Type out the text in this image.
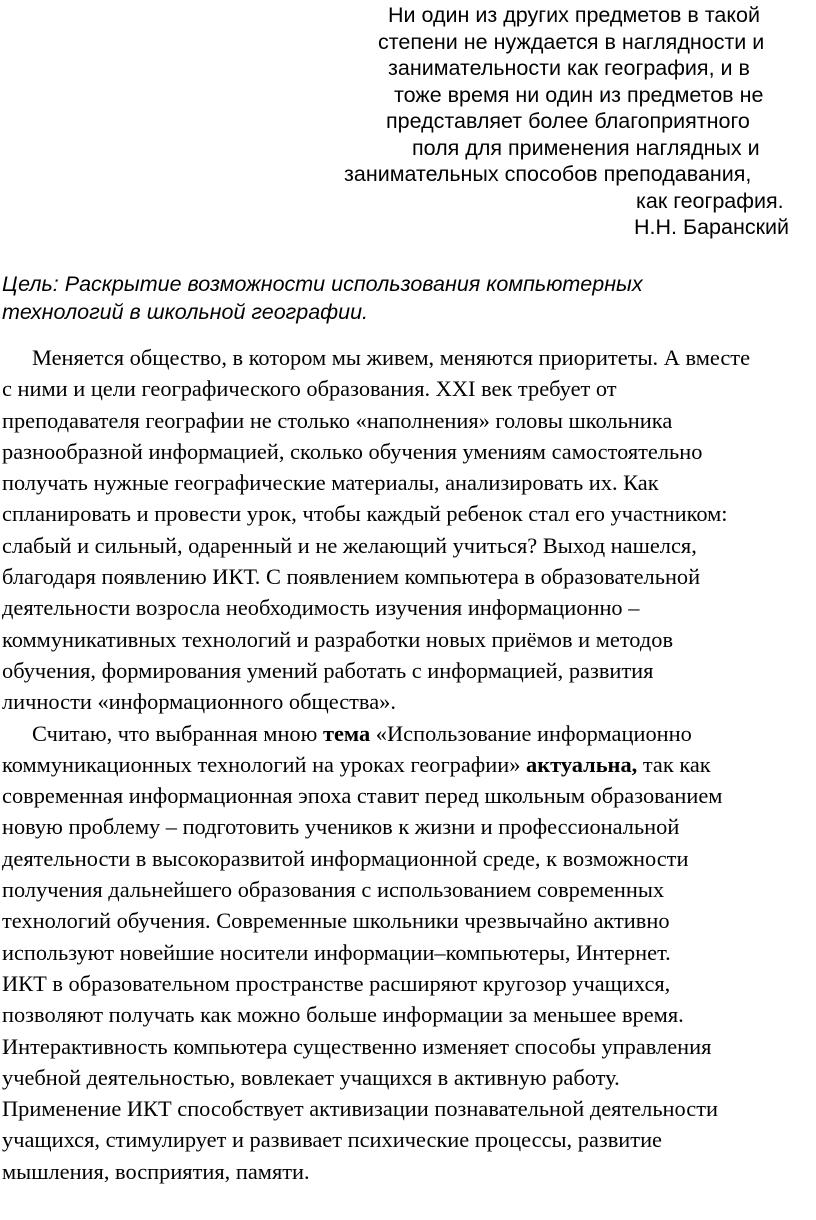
Ни один из других предметов в такой
степени не нуждается в наглядности и
занимательности как география, и в
тоже время ни один из предметов не
представляет более благоприятного
поля для применения наглядных и
занимательных способов преподавания,
как география.
Н.Н. Баранский
Цель: Раскрытие возможности использования компьютерных
технологий в школьной географии.
Меняется общество, в котором мы живем, меняются приоритеты. А вместе
с ними и цели географического образования. XXI век требует от
преподавателя географии не столько «наполнения» головы школьника
разнообразной информацией, сколько обучения умениям самостоятельно
получать нужные географические материалы, анализировать их. Как
спланировать и провести урок, чтобы каждый ребенок стал его участником:
слабый и сильный, одаренный и не желающий учиться? Выход нашелся,
благодаря появлению ИКТ. С появлением компьютера в образовательной
деятельности возросла необходимость изучения информационно –
коммуникативных технологий и разработки новых приёмов и методов
обучения, формирования умений работать с информацией, развития
личности «информационного общества».
Считаю, что выбранная мною тема «Использование информационно
коммуникационных технологий на уроках географии» актуальна, так как
современная информационная эпоха ставит перед школьным образованием
новую проблему – подготовить учеников к жизни и профессиональной
деятельности в высокоразвитой информационной среде, к возможности
получения дальнейшего образования с использованием современных
технологий обучения. Современные школьники чрезвычайно активно
используют новейшие носители информации–компьютеры, Интернет.
ИКТ в образовательном пространстве расширяют кругозор учащихся,
позволяют получать как можно больше информации за меньшее время.
Интерактивность компьютера существенно изменяет способы управления
учебной деятельностью, вовлекает учащихся в активную работу.
Применение ИКТ способствует активизации познавательной деятельности
учащихся, стимулирует и развивает психические процессы, развитие
мышления, восприятия, памяти.
